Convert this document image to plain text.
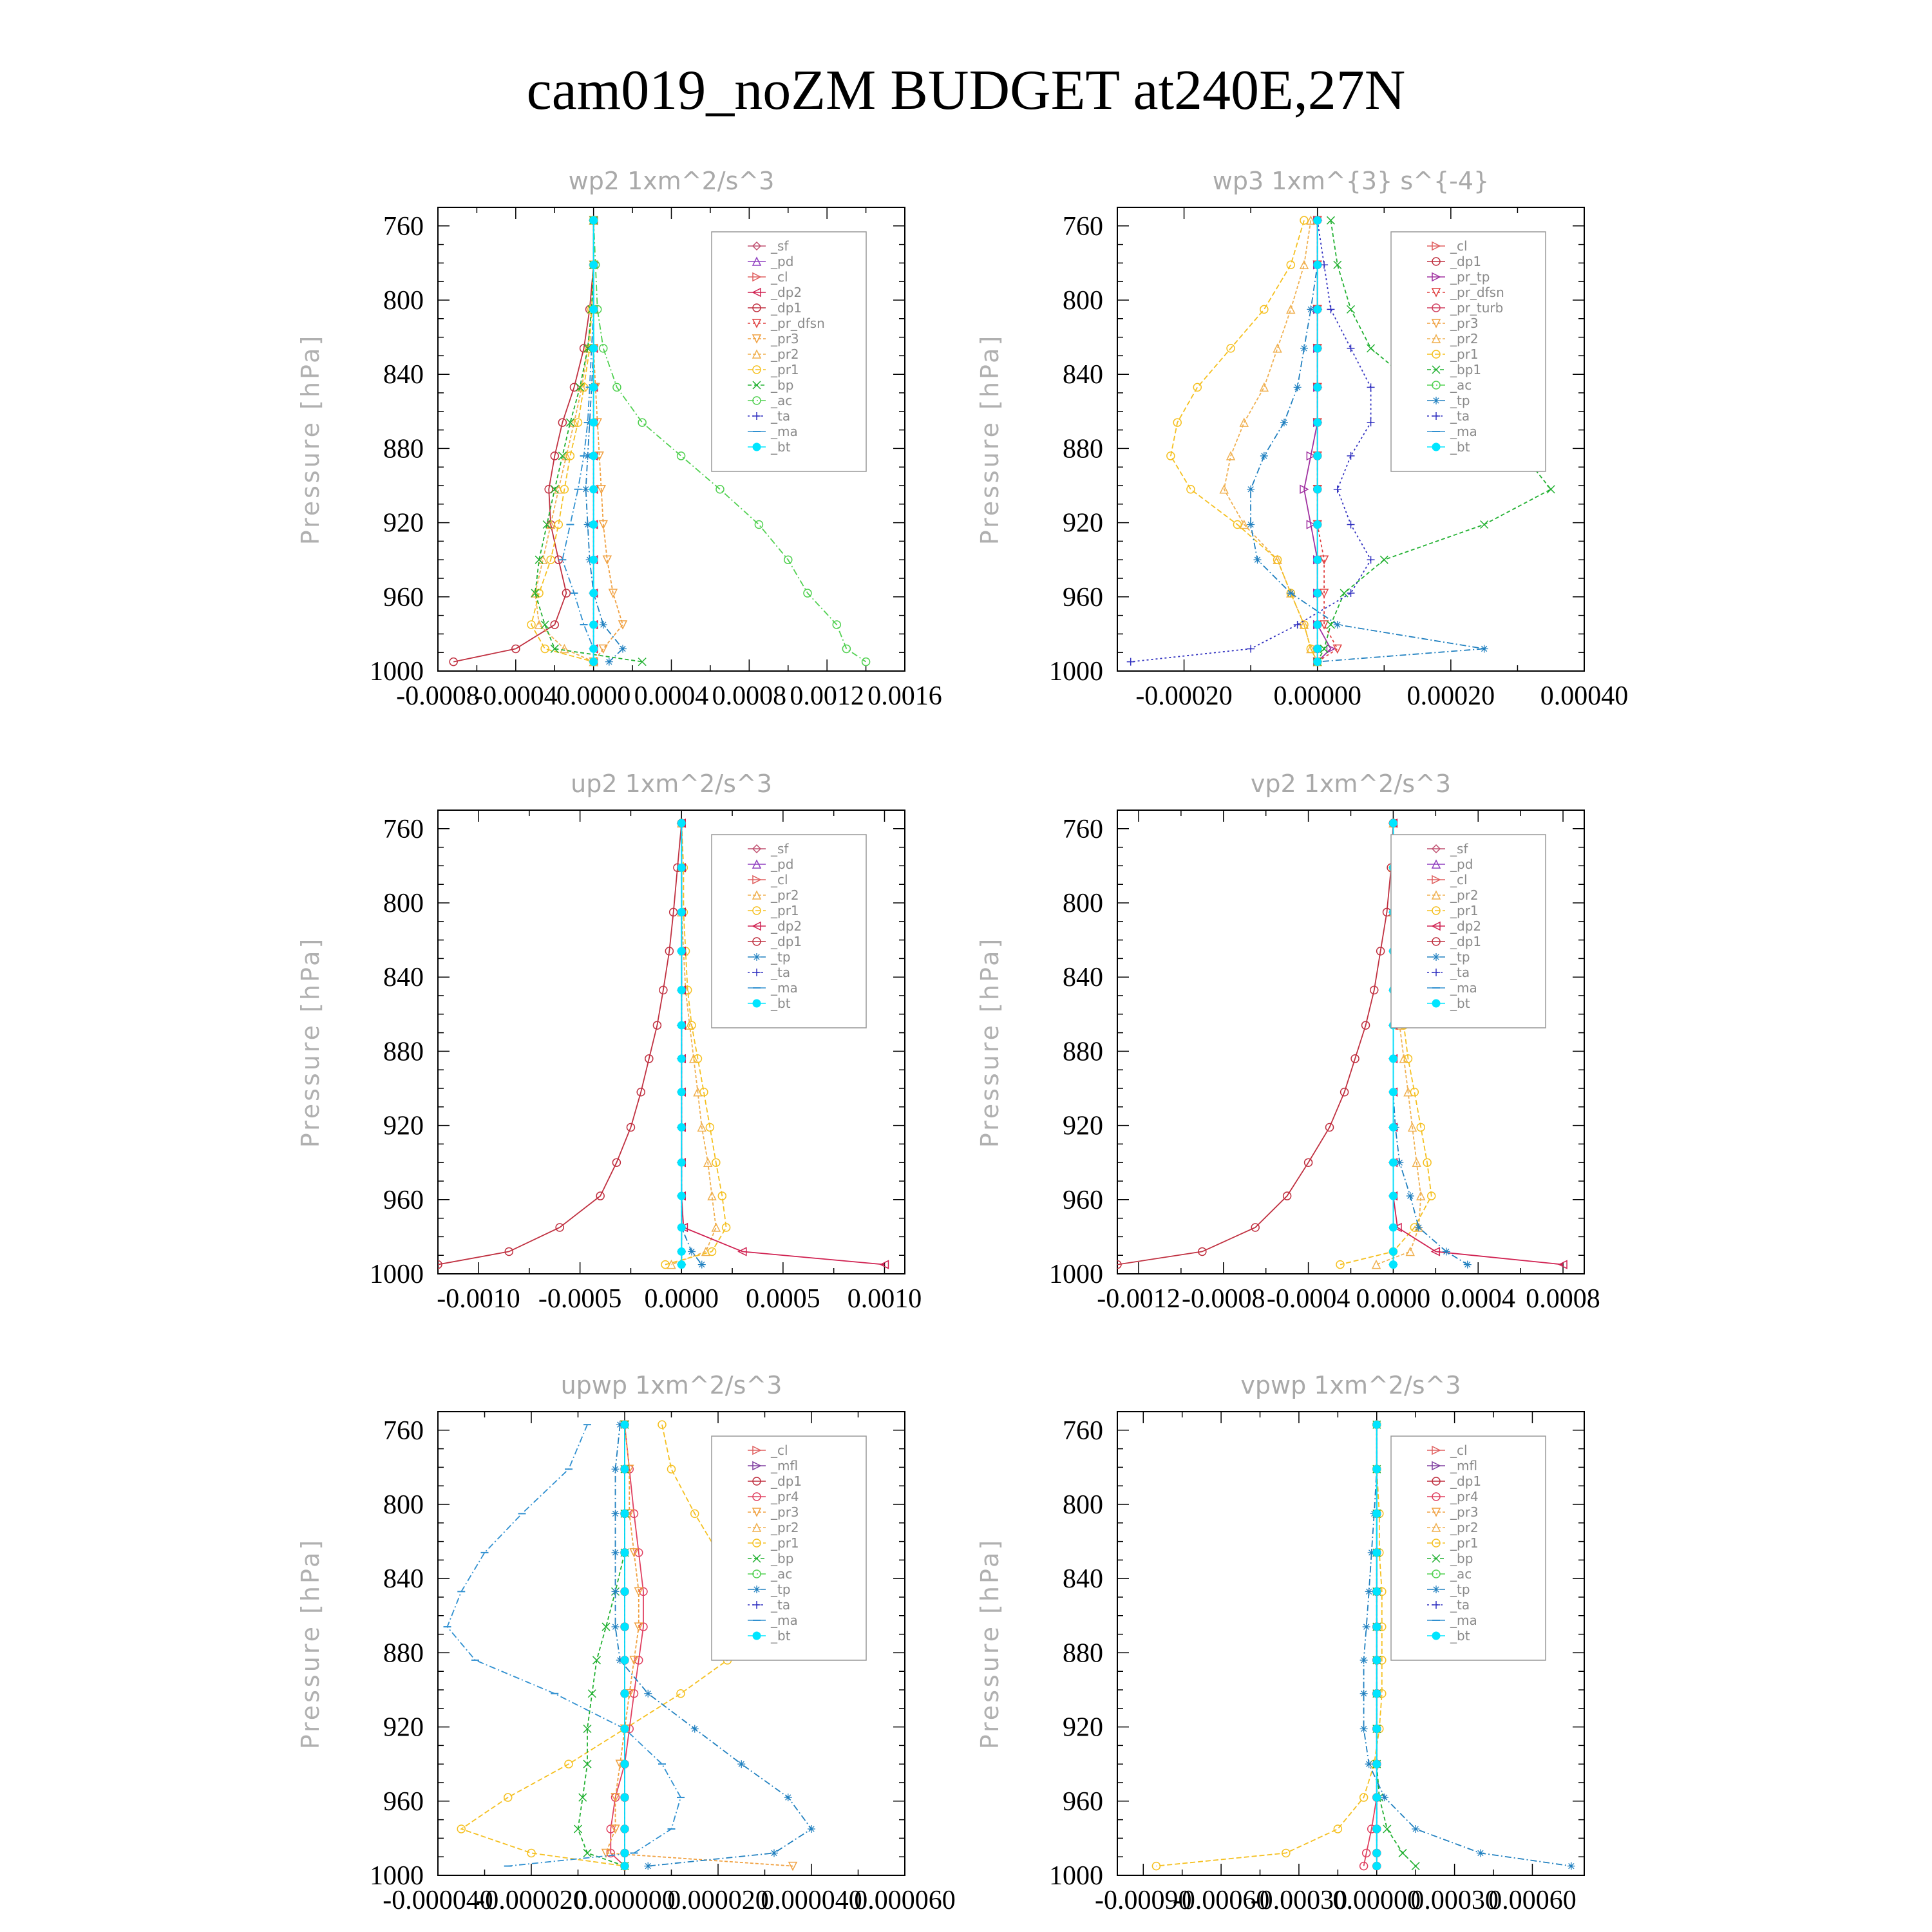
cam019_noZM BUDGET at240E,27N
wp2 1xm^2/s^3
Pressure [hPa]
760
800
840
880
920
960
1000
-0.0008
-0.0004
0.0000 0.0004 0.0008 0.0012 0.0016
_sf
_pd
_cl
_dp2
_dp1
_pr_dfsn
_pr3
_pr2
_pr1
_bp
_ac
_ta
_ma
_bt
wp3 1xm^{3} s^{-4}
Pressure [hPa]
760
800
840
880
920
960
1000
-0.00020 0.00000 0.00020 0.00040
_cl
_dp1
_pr_tp
_pr_dfsn
_pr_turb
_pr3
_pr2
_pr1
_bp1
_ac
_tp
_ta
_ma
_bt
up2 1xm^2/s^3
Pressure [hPa]
760
800
840
880
920
960
1000
-0.0010 -0.0005 0.0000 0.0005 0.0010
_sf
_pd
_cl
_pr2
_pr1
_dp2
_dp1
_tp
_ta
_ma
_bt
vp2 1xm^2/s^3
Pressure [hPa]
760
800
840
880
920
960
1000
-0.0012 -0.0008 -0.0004 0.0000 0.0004 0.0008
_sf
_pd
_cl
_pr2
_pr1
_dp2
_dp1
_tp
_ta
_ma
_bt
upwp 1xm^2/s^3
Pressure [hPa]
760
800
840
880
920
960
1000
-0.000040
-0.000020
0.000000
0.000020
0.000040
0.000060
_cl
_mfl
_dp1
_pr4
_pr3
_pr2
_pr1
_bp
_ac
_tp
_ta
_ma
_bt
vpwp 1xm^2/s^3
Pressure [hPa]
760
800
840
880
920
960
1000
-0.00090
-0.00060
-0.00030
0.00000
0.00030
0.00060
_cl
_mfl
_dp1
_pr4
_pr3
_pr2
_pr1
_bp
_ac
_tp
_ta
_ma
_bt
